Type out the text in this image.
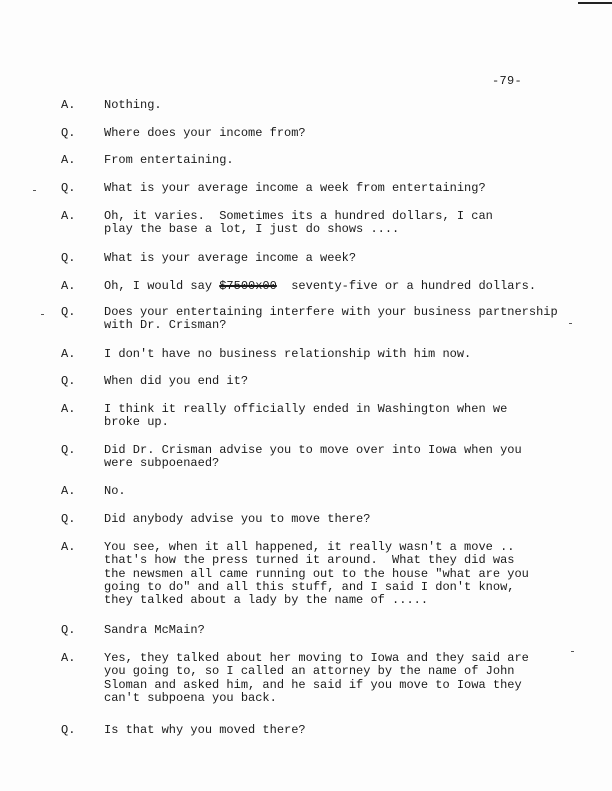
-79-
A. Nothing.
Q. Where does your income from?
A. From entertaining.
Q. What is your average income a week from entertaining?
A. Oh, it varies.  Sometimes its a hundred dollars, I can
play the base a lot, I just do shows ....
Q. What is your average income a week?
A. Oh, I would say $7500x00  seventy-five or a hundred dollars.
Q. Does your entertaining interfere with your business partnership
with Dr. Crisman?
A. I don't have no business relationship with him now.
Q. When did you end it?
A. I think it really officially ended in Washington when we
broke up.
Q. Did Dr. Crisman advise you to move over into Iowa when you
were subpoenaed?
A. No.
Q. Did anybody advise you to move there?
A. You see, when it all happened, it really wasn't a move ..
that's how the press turned it around.  What they did was
the newsmen all came running out to the house "what are you
going to do" and all this stuff, and I said I don't know,
they talked about a lady by the name of .....
Q. Sandra McMain?
A. Yes, they talked about her moving to Iowa and they said are
you going to, so I called an attorney by the name of John
Sloman and asked him, and he said if you move to Iowa they
can't subpoena you back.
Q. Is that why you moved there?
